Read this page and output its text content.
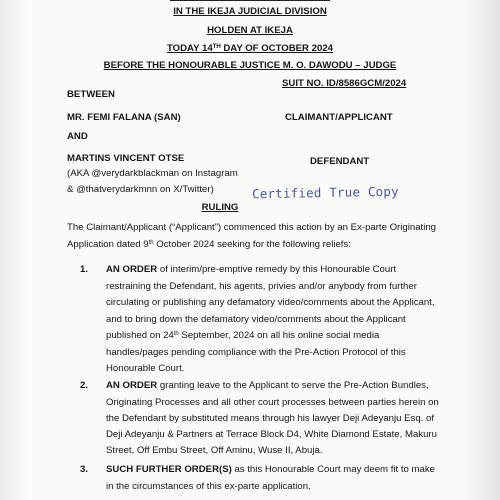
IN THE IKEJA JUDICIAL DIVISION
HOLDEN AT IKEJA
TODAY 14TH DAY OF OCTOBER 2024
BEFORE THE HONOURABLE JUSTICE M. O. DAWODU – JUDGE
SUIT NO. ID/8586GCM/2024
BETWEEN
MR. FEMI FALANA (SAN)	CLAIMANT/APPLICANT
AND
MARTINS VINCENT OTSE	DEFENDANT
(AKA @verydarkblackman on Instagram
& @thatverydarkmnn on X/Twitter)	Certified True Copy
RULING
The Claimant/Applicant (“Applicant”) commenced this action by an Ex-parte Originating
Application dated 9th October 2024 seeking for the following reliefs:
1. AN ORDER of interim/pre-emptive remedy by this Honourable Court
restraining the Defendant, his agents, privies and/or anybody from further
circulating or publishing any defamatory video/comments about the Applicant,
and to bring down the defamatory video/comments about the Applicant
published on 24th September, 2024 on all his online social media
handles/pages pending compliance with the Pre-Action Protocol of this
Honourable Court.
2. AN ORDER granting leave to the Applicant to serve the Pre-Action Bundles,
Originating Processes and all other court processes between parties herein on
the Defendant by substituted means through his lawyer Deji Adeyanju Esq. of
Deji Adeyanju & Partners at Terrace Block D4, White Diamond Estate, Makuru
Street, Off Embu Street, Off Aminu, Wuse II, Abuja.
3. SUCH FURTHER ORDER(S) as this Honourable Court may deem fit to make
in the circumstances of this ex-parte application.
